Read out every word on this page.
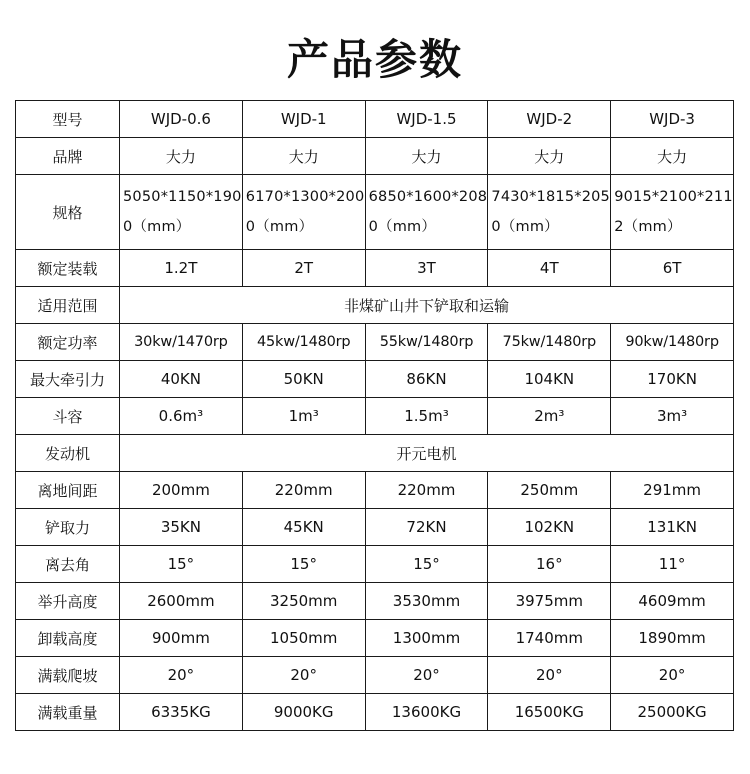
产品参数
型号	WJD-0.6	WJD-1	WJD-1.5	WJD-2	WJD-3
品牌	大力	大力	大力	大力	大力
规格	5050*1150*1900（mm）	6170*1300*2000（mm）	6850*1600*2080（mm）	7430*1815*2050（mm）	9015*2100*2112（mm）
额定装载	1.2T	2T	3T	4T	6T
适用范围	非煤矿山井下铲取和运输				
额定功率	30kw/1470rp	45kw/1480rp	55kw/1480rp	75kw/1480rp	90kw/1480rp
最大牵引力	40KN	50KN	86KN	104KN	170KN
斗容	0.6m³	1m³	1.5m³	2m³	3m³
发动机	开元电机				
离地间距	200mm	220mm	220mm	250mm	291mm
铲取力	35KN	45KN	72KN	102KN	131KN
离去角	15°	15°	15°	16°	11°
举升高度	2600mm	3250mm	3530mm	3975mm	4609mm
卸载高度	900mm	1050mm	1300mm	1740mm	1890mm
满载爬坡	20°	20°	20°	20°	20°
满载重量	6335KG	9000KG	13600KG	16500KG	25000KG
